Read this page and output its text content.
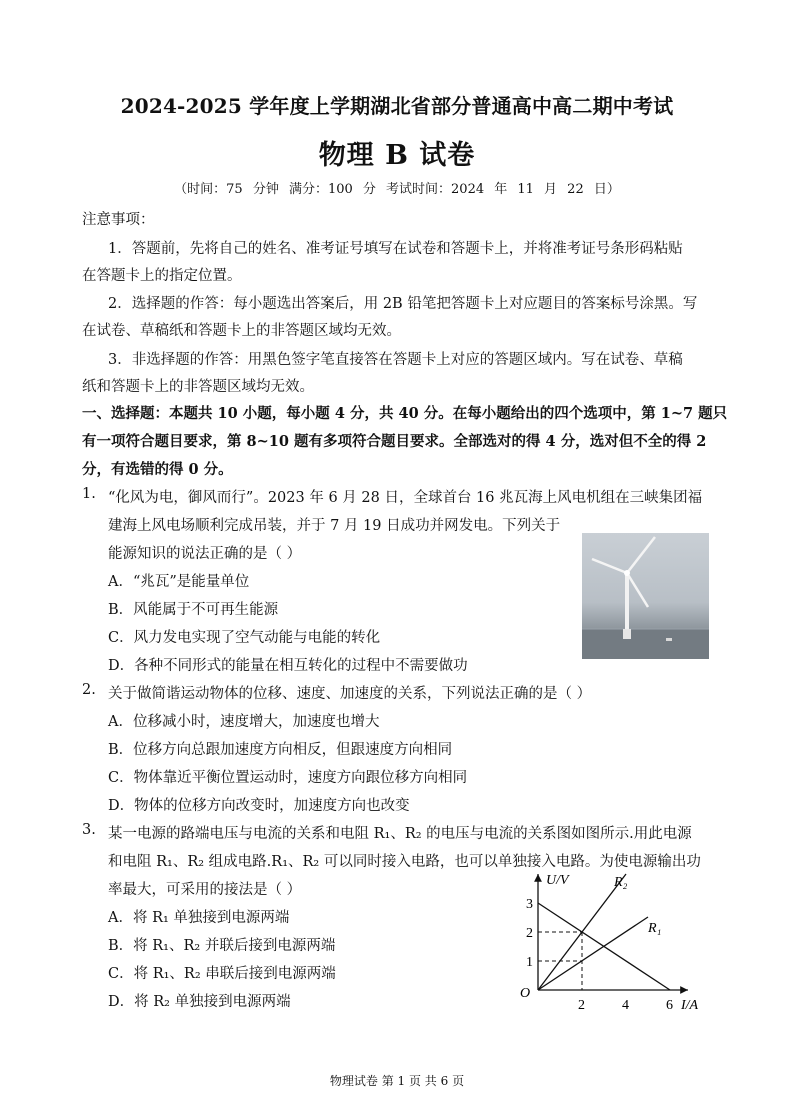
2024-2025 学年度上学期湖北省部分普通高中高二期中考试
物理 B 试卷
（时间：75 分钟 满分：100 分 考试时间：2024 年 11 月 22 日）
注意事项：
1．答题前，先将自己的姓名、准考证号填写在试卷和答题卡上，并将准考证号条形码粘贴
在答题卡上的指定位置。
2．选择题的作答：每小题选出答案后，用 2B 铅笔把答题卡上对应题目的答案标号涂黑。写
在试卷、草稿纸和答题卡上的非答题区域均无效。
3．非选择题的作答：用黑色签字笔直接答在答题卡上对应的答题区域内。写在试卷、草稿
纸和答题卡上的非答题区域均无效。
一、选择题：本题共 10 小题，每小题 4 分，共 40 分。在每小题给出的四个选项中，第 1~7 题只
有一项符合题目要求，第 8~10 题有多项符合题目要求。全部选对的得 4 分，选对但不全的得 2
分，有选错的得 0 分。
1. “化风为电，御风而行”。2023 年 6 月 28 日，全球首台 16 兆瓦海上风电机组在三峡集团福
建海上风电场顺利完成吊装，并于 7 月 19 日成功并网发电。下列关于
能源知识的说法正确的是（ ）
A．“兆瓦”是能量单位
B．风能属于不可再生能源
C．风力发电实现了空气动能与电能的转化
D．各种不同形式的能量在相互转化的过程中不需要做功
2. 关于做简谐运动物体的位移、速度、加速度的关系，下列说法正确的是（ ）
A．位移减小时，速度增大，加速度也增大
B．位移方向总跟加速度方向相反，但跟速度方向相同
C．物体靠近平衡位置运动时，速度方向跟位移方向相同
D．物体的位移方向改变时，加速度方向也改变
3. 某一电源的路端电压与电流的关系和电阻 R₁、R₂ 的电压与电流的关系图如图所示.用此电源
和电阻 R₁、R₂ 组成电路.R₁、R₂ 可以同时接入电路，也可以单独接入电路。为使电源输出功
率最大，可采用的接法是（ ）
A．将 R₁ 单独接到电源两端
B．将 R₁、R₂ 并联后接到电源两端
C．将 R₁、R₂ 串联后接到电源两端
D．将 R₂ 单独接到电源两端
U/V
I/A
O
1
2
3
2	4	6
R₂
R₁
物理试卷 第 1 页 共 6 页
